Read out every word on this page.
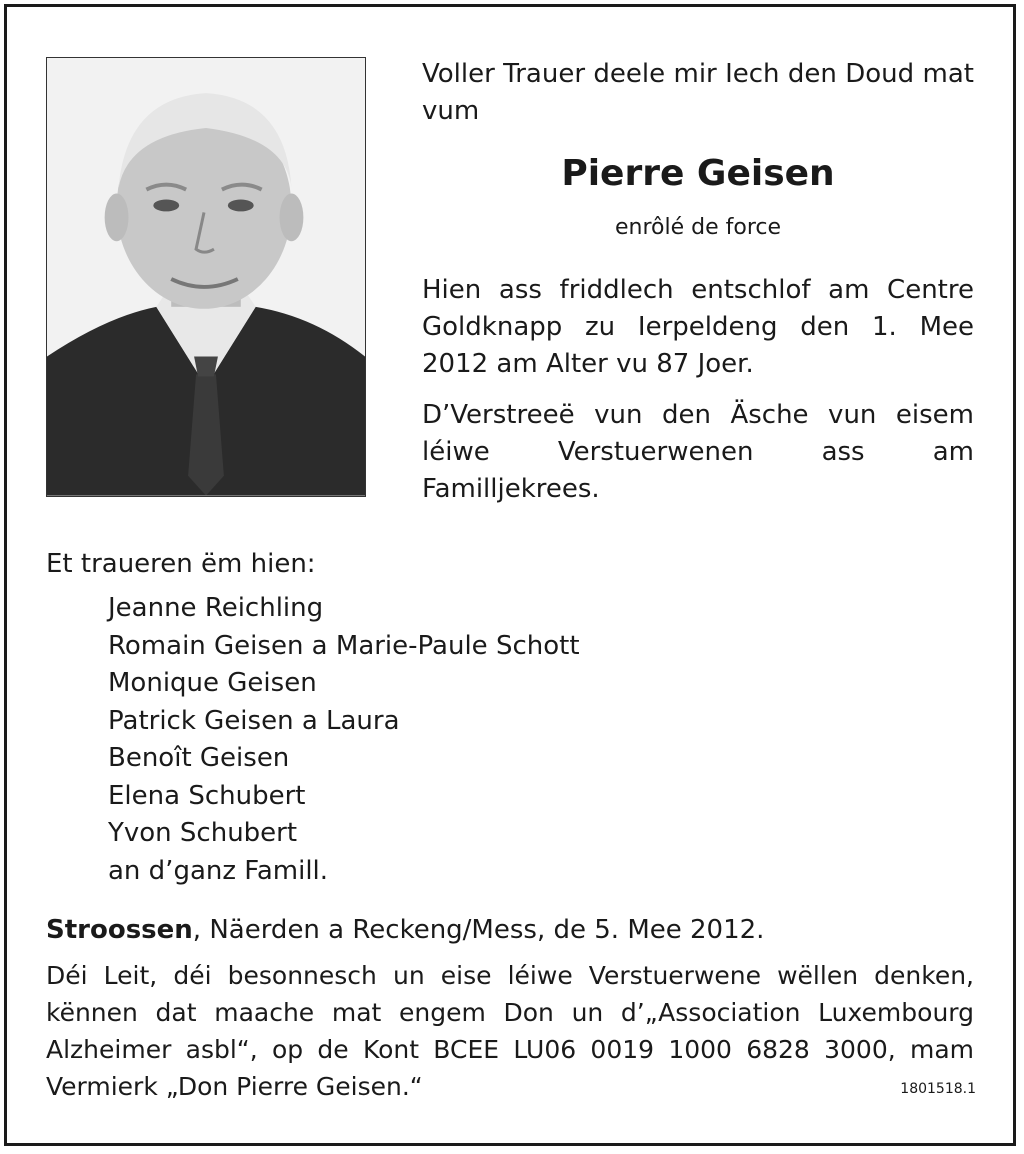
Voller Trauer deele mir Iech den Doud mat vum

Pierre Geisen
enrôlé de force

Hien ass friddlech entschlof am Centre Goldknapp zu Ierpeldeng den 1. Mee 2012 am Alter vu 87 Joer.

D’Verstreeë vun den Äsche vun eisem léiwe Verstuerwenen ass am Familljekrees.

Et traueren ëm hien:
Jeanne Reichling
Romain Geisen a Marie-Paule Schott
Monique Geisen
Patrick Geisen a Laura
Benoît Geisen
Elena Schubert
Yvon Schubert
an d’ganz Famill.
Stroossen, Näerden a Reckeng/Mess, de 5. Mee 2012.

Déi Leit, déi besonnesch un eise léiwe Verstuerwene wëllen denken, kënnen dat maache mat engem Don un d’„Association Luxembourg Alzheimer asbl“, op de Kont BCEE LU06 0019 1000 6828 3000, mam Vermierk „Don Pierre Geisen.“	1801518.1
